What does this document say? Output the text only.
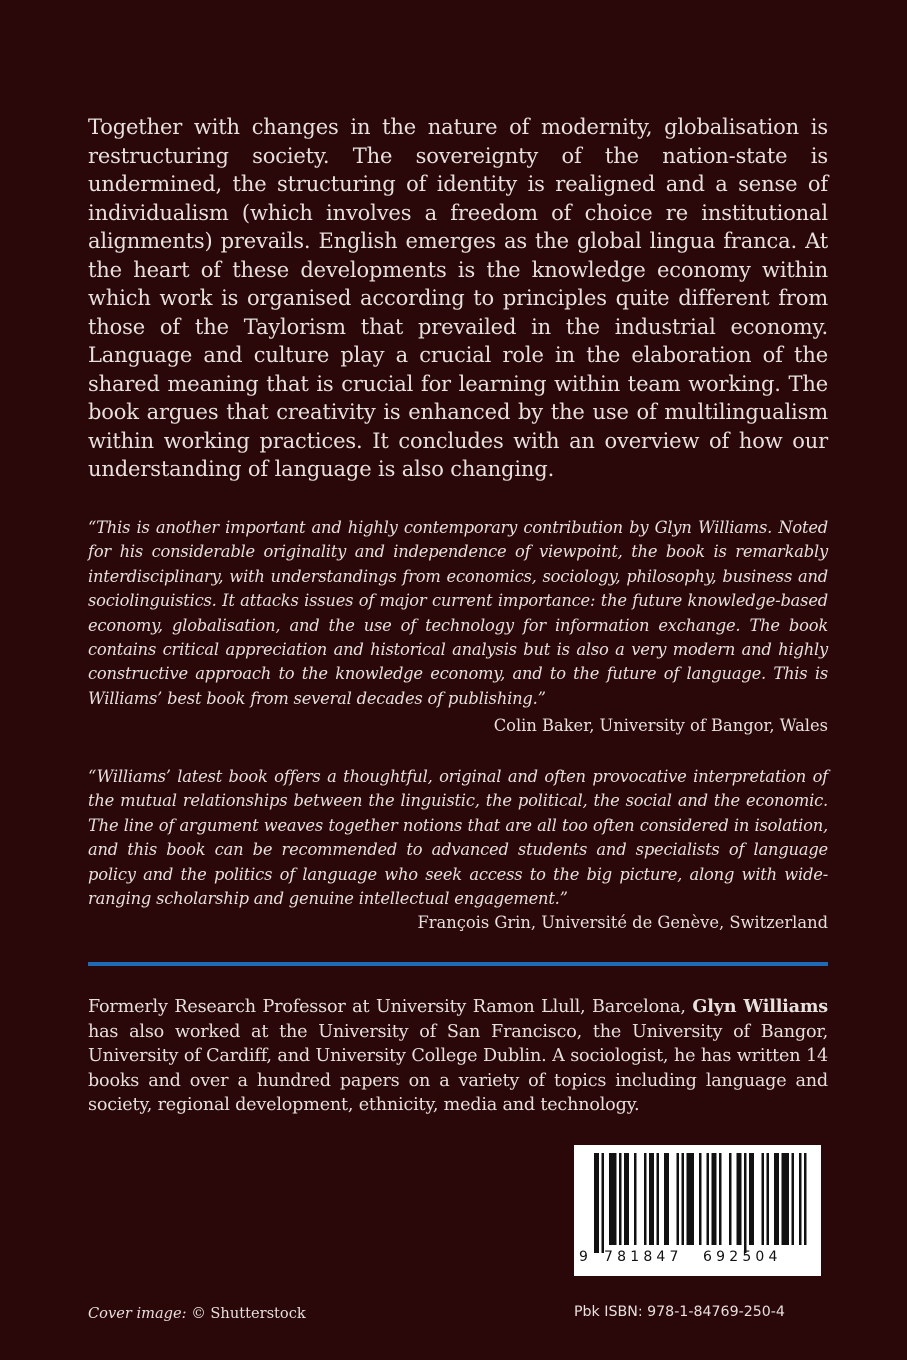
Together with changes in the nature of modernity, globalisation is restructuring society. The sovereignty of the nation-state is undermined, the structuring of identity is realigned and a sense of individualism (which involves a freedom of choice re institutional alignments) prevails. English emerges as the global lingua franca. At the heart of these developments is the knowledge economy within which work is organised according to principles quite different from those of the Taylorism that prevailed in the industrial economy. Language and culture play a crucial role in the elaboration of the shared meaning that is crucial for learning within team working. The book argues that creativity is enhanced by the use of multilingualism within working practices. It concludes with an overview of how our understanding of language is also changing.

“This is another important and highly contemporary contribution by Glyn Williams. Noted for his considerable originality and independence of viewpoint, the book is remarkably interdisciplinary, with understandings from economics, sociology, philosophy, business and sociolinguistics. It attacks issues of major current importance: the future knowledge-based economy, globalisation, and the use of technology for information exchange. The book contains critical appreciation and historical analysis but is also a very modern and highly constructive approach to the knowledge economy, and to the future of language. This is Williams’ best book from several decades of publishing.”

Colin Baker, University of Bangor, Wales

“Williams’ latest book offers a thoughtful, original and often provocative interpretation of the mutual relationships between the linguistic, the political, the social and the economic. The line of argument weaves together notions that are all too often considered in isolation, and this book can be recommended to advanced students and specialists of language policy and the politics of language who seek access to the big picture, along with wide-ranging scholarship and genuine intellectual engagement.”

François Grin, Université de Genève, Switzerland

Formerly Research Professor at University Ramon Llull, Barcelona, Glyn Williams has also worked at the University of San Francisco, the University of Bangor, University of Cardiff, and University College Dublin. A sociologist, he has written 14 books and over a hundred papers on a variety of topics including language and society, regional development, ethnicity, media and technology.

9 781847 692504

Cover image: © Shutterstock	Pbk ISBN: 978-1-84769-250-4
